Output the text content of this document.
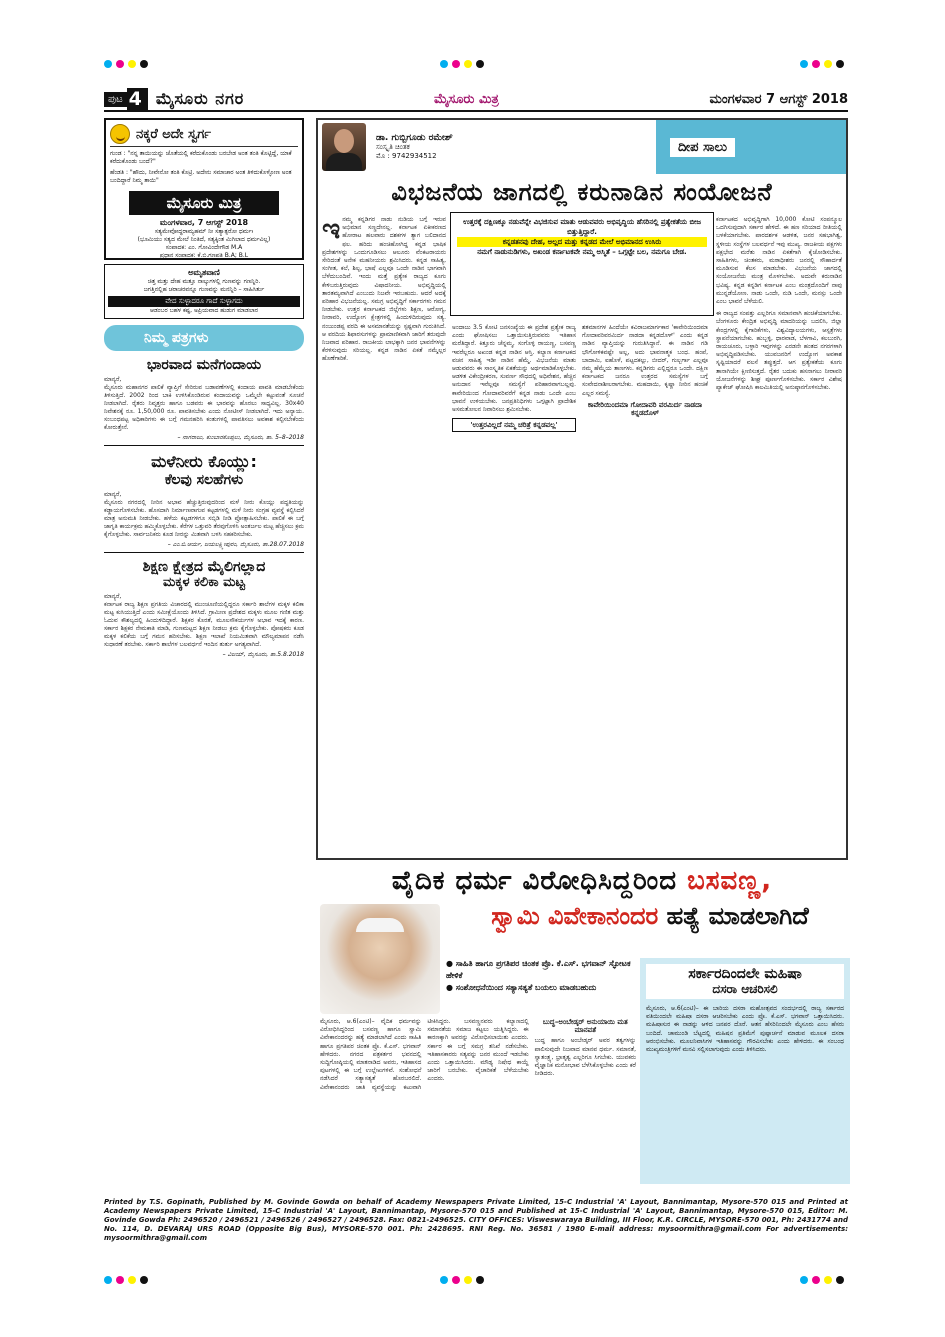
ಪುಟ 4 ಮೈಸೂರು ನಗರ	ಮೈಸೂರು ಮಿತ್ರ	ಮಂಗಳವಾರ 7 ಆಗಸ್ಟ್ 2018
ನಕ್ಕರೆ ಅದೇ ಸ್ವರ್ಗ
ಗುಂಡ : "ನನ್ನ ತಾಯಿಯನ್ನು ಜೊತೆಯಲ್ಲಿ ಕರೆದುಕೊಂಡು ಬರಬೇಡ ಅಂತ ತಂತಿ ಕೊಟ್ಟಿದ್ದೆ, ಯಾಕೆ ಕರೆದುಕೊಂಡು ಬಂದೆ?"
ಹೆಂಡತಿ : "ಹೌದು, ನೀವೇನೋ ತಂತಿ ಕೊಟ್ರಿ. ಅದೇನು ಸಮಾಚಾರ ಅಂತ ತಿಳಿದುಕೊಳ್ಳೋಣ ಅಂತ ಬಂದಿದ್ದಾರೆ ನಿಮ್ಮ ತಾಯಿ"
ಮೈಸೂರು ಮಿತ್ರ
ಮಂಗಳವಾರ, 7 ಆಗಸ್ಟ್ 2018
ಸತ್ಯಮೇವೋದ್ಧರಾಮ್ಯಹಮ್ ನೀ ಸತ್ಯಾತ್ಪರೋ ಧರ್ಮಃ
(ಭೂಮಿಯು ಸತ್ಯದ ಮೇಲೆ ನಿಂತಿದೆ, ಸತ್ಯಕ್ಕಿಂತ ಮಿಗಿಲಾದ ಧರ್ಮವಿಲ್ಲ)
ಸಂಪಾದಕ: ಎಂ. ಗೋವಿಂದೇಗೌಡ M.A
ಪ್ರಧಾನ ಸಂಪಾದಕ: ಕೆ.ಬಿ.ಗಣಪತಿ B.A; B.L
ಅಮೃತವಾಣಿ
ಚಿತ್ತ ಮತ್ತು ದೇಹ ಮತ್ತೂ ನಾಲ್ಕುಗಳಲ್ಲಿ ಗುಣವನ್ನು ಗಣನ್ನಿರಿ.
ಜಗತ್ತಿನಲ್ಲಿಹ ಚರಾಚರವನ್ನೂ ಗುಣವನ್ನು ಮನನ್ನಿರಿ – ಸಾಹಿಸಿರ್ತು
ವೇದ ಸುಳ್ಳಾದರೂ ಗಾದೆ ಸುಳ್ಳಾಗದು
ಆಡಂಬರ ಬಹಳ ಕಷ್ಟ, ಅಪ್ರಿಯವಾದ ಹುಡುಗ ಮಾಡಲಾರ
ನಿಮ್ಮ ಪತ್ರಗಳು
ಭಾರವಾದ ಮನೆಗಂದಾಯ
ಮಾನ್ಯರೆ,
ಮೈಸೂರು ಮಹಾನಗರ ಪಾಲಿಕೆ ವ್ಯಾಪ್ತಿಗೆ ಸೇರಿರುವ ಬಡಾವಣೆಗಳಲ್ಲಿ ಕಂದಾಯ ಪಾವತಿ ಮಾಡಬೇಕೆಂದು ತಿಳಿಸುತ್ತಿದೆ. 2002 ರಿಂದ ಬಾಕಿ ಉಳಿಸಿಕೊಂಡಿರುವ ಕಂದಾಯವನ್ನು ಒಮ್ಮೆಲೇ ಕಟ್ಟುವಂತೆ ಸೂಚನೆ ನೀಡಲಾಗಿದೆ. ರೈತರು ನಿವೃತ್ತರು ಹಾಗೂ ಬಡವರು ಈ ಭಾರವನ್ನು ಹೊರಲು ಸಾಧ್ಯವಿಲ್ಲ. 30x40 ನಿವೇಶನಕ್ಕೆ ರೂ. 1,50,000 ರೂ. ಪಾವತಿಸಬೇಕು ಎಂದು ನೋಟೀಸ್ ನೀಡಲಾಗಿದೆ. ಇದು ಅನ್ಯಾಯ. ಸಂಬಂಧಪಟ್ಟ ಅಧಿಕಾರಿಗಳು ಈ ಬಗ್ಗೆ ಗಮನಹರಿಸಿ ಕಂತುಗಳಲ್ಲಿ ಪಾವತಿಸಲು ಅವಕಾಶ ಕಲ್ಪಿಸಬೇಕೆಂದು ಕೋರುತ್ತೇನೆ.
– ನಾಗರಾಜು, ಕುಂಬಾರಕೊಪ್ಪಲು, ಮೈಸೂರು, ತಾ. 5–8–2018
ಮಳೆನೀರು ಕೊಯ್ಲು:
ಕೆಲವು ಸಲಹೆಗಳು
ಮಾನ್ಯರೆ,
ಮೈಸೂರು ನಗರದಲ್ಲಿ ನೀರಿನ ಅಭಾವ ಹೆಚ್ಚುತ್ತಿರುವುದರಿಂದ ಮಳೆ ನೀರು ಕೊಯ್ಲು ಪದ್ಧತಿಯನ್ನು ಕಡ್ಡಾಯಗೊಳಿಸಬೇಕು. ಹೊಸದಾಗಿ ನಿರ್ಮಾಣವಾಗುವ ಕಟ್ಟಡಗಳಲ್ಲಿ ಮಳೆ ನೀರು ಸಂಗ್ರಹ ವ್ಯವಸ್ಥೆ ಕಲ್ಪಿಸಿದರೆ ಮಾತ್ರ ಅನುಮತಿ ನೀಡಬೇಕು. ಹಳೆಯ ಕಟ್ಟಡಗಳಿಗೂ ಸಬ್ಸಿಡಿ ನೀಡಿ ಪ್ರೋತ್ಸಾಹಿಸಬೇಕು. ಪಾಲಿಕೆ ಈ ಬಗ್ಗೆ ಜಾಗೃತಿ ಕಾರ್ಯಕ್ರಮ ಹಮ್ಮಿಕೊಳ್ಳಬೇಕು. ಕೆರೆಗಳ ಒತ್ತುವರಿ ತೆರವುಗೊಳಿಸಿ ಅಂತರ್ಜಲ ಮಟ್ಟ ಹೆಚ್ಚಿಸಲು ಕ್ರಮ ಕೈಗೊಳ್ಳಬೇಕು. ಸಾರ್ವಜನಿಕರು ಕೂಡ ನೀರನ್ನು ಮಿತವಾಗಿ ಬಳಸಿ ಸಹಕರಿಸಬೇಕು.
– ಎಂ.ಬಿ.ಆರ್ಯ, ಜಯಲಕ್ಷ್ಮೀಪುರಂ, ಮೈಸೂರು, ತಾ.28.07.2018
ಶಿಕ್ಷಣ ಕ್ಷೇತ್ರದ ಮೈಲಿಗಲ್ಲಾದ
ಮಕ್ಕಳ ಕಲಿಕಾ ಮಟ್ಟ
ಮಾನ್ಯರೆ,
ಕರ್ನಾಟಕ ರಾಜ್ಯ ಶಿಕ್ಷಣ ಪ್ರಗತಿಯ ವಿಚಾರದಲ್ಲಿ ಮುಂಚೂಣಿಯಲ್ಲಿದ್ದರೂ ಸರ್ಕಾರಿ ಶಾಲೆಗಳ ಮಕ್ಕಳ ಕಲಿಕಾ ಮಟ್ಟ ಕುಸಿಯುತ್ತಿದೆ ಎಂದು ಸಮೀಕ್ಷೆಯೊಂದು ತಿಳಿಸಿದೆ. ಗ್ರಾಮೀಣ ಪ್ರದೇಶದ ಮಕ್ಕಳು ಮೂಲ ಗಣಿತ ಮತ್ತು ಓದುವ ಕೌಶಲ್ಯದಲ್ಲಿ ಹಿಂದುಳಿದಿದ್ದಾರೆ. ಶಿಕ್ಷಕರ ಕೊರತೆ, ಮೂಲಸೌಕರ್ಯಗಳ ಅಭಾವ ಇದಕ್ಕೆ ಕಾರಣ. ಸರ್ಕಾರ ಶಿಕ್ಷಕರ ನೇಮಕಾತಿ ಮಾಡಿ, ಗುಣಮಟ್ಟದ ಶಿಕ್ಷಣ ನೀಡಲು ಕ್ರಮ ಕೈಗೊಳ್ಳಬೇಕು. ಪೋಷಕರು ಕೂಡ ಮಕ್ಕಳ ಕಲಿಕೆಯ ಬಗ್ಗೆ ಗಮನ ಹರಿಸಬೇಕು. ಶಿಕ್ಷಣ ಇಲಾಖೆ ನಿಯಮಿತವಾಗಿ ಮೌಲ್ಯಮಾಪನ ನಡೆಸಿ ಸುಧಾರಣೆ ತರಬೇಕು. ಸರ್ಕಾರಿ ಶಾಲೆಗಳ ಬಲವರ್ಧನೆ ಇಂದಿನ ತುರ್ತು ಅಗತ್ಯವಾಗಿದೆ.
– ವಿಜಯ್, ಮೈಸೂರು, ತಾ.5.8.2018
ಡಾ. ಗುಬ್ಬಿಗೂಡು ರಮೇಶ್
ಸಂಸ್ಕೃತಿ ಚಿಂತಕ
ಮೊ : 9742934512
ದೀಪ ಸಾಲು
ವಿಭಜನೆಯ ಜಾಗದಲ್ಲಿ ಕರುನಾಡಿನ ಸಂಯೋಜನೆ
ಉತ್ತರಕ್ಕೆ ದಕ್ಷಿಣಕ್ಕೂ ನಡುವೆನ್ನೇ ವಿಭಜಿಸುವ ಮಾತು ಆಡುವವರು ಅಭಿವೃದ್ಧಿಯ ಹೆಸರಿನಲ್ಲಿ ಪ್ರತ್ಯೇಕತೆಯ ಬೀಜ ಬಿತ್ತುತ್ತಿದ್ದಾರೆ.
ಕನ್ನಡತನವು ದೇಹ, ಅಲ್ಲದ ಮತ್ತು ಕನ್ನಡದ ಮೇಲೆ ಅಭಿಮಾನದ ಉಸಿರು
ನಮಗೆ ನಾಡುನುಡಿಗಳು, ಅಖಂಡ ಕರ್ನಾಟಕವೇ ನಮ್ಮ ಅಸ್ಮಿತೆ – ಒಗ್ಗಟ್ಟೇ ಬಲ, ನಮಗೂ ಬೇಡ.
ಇನಮ್ಮ ಕನ್ನಡಿಗರ ನಾಡು ನುಡಿಯ ಬಗ್ಗೆ ಇರುವ ಅಭಿಮಾನ ಸಣ್ಣದೇನಲ್ಲ. ಕರ್ನಾಟಕ ಏಕೀಕರಣದ ಹೋರಾಟ ಹಲವಾರು ದಶಕಗಳ ತ್ಯಾಗ ಬಲಿದಾನದ ಫಲ. ಹರಿದು ಹಂಚಿಹೋಗಿದ್ದ ಕನ್ನಡ ಭಾಷಿಕ ಪ್ರದೇಶಗಳನ್ನು ಒಂದುಗೂಡಿಸಲು ಆಲೂರು ವೆಂಕಟರಾಯರು ಸೇರಿದಂತೆ ಅನೇಕ ಮಹನೀಯರು ಶ್ರಮಿಸಿದರು. ಕನ್ನಡ ಸಾಹಿತ್ಯ, ಸಂಗೀತ, ಕಲೆ, ಶಿಲ್ಪ, ಭಾಷೆ ಎಲ್ಲವೂ ಒಂದೇ ನಾಡಿನ ಭಾಗವಾಗಿ ಬೆಳೆದುಬಂದಿವೆ. ಇಂದು ಮತ್ತೆ ಪ್ರತ್ಯೇಕ ರಾಜ್ಯದ ಕೂಗು ಕೇಳಿಬರುತ್ತಿರುವುದು ವಿಷಾದನೀಯ. ಅಭಿವೃದ್ಧಿಯಲ್ಲಿ ತಾರತಮ್ಯವಾಗಿದೆ ಎಂಬುದು ನಿಜವೇ ಇರಬಹುದು. ಆದರೆ ಅದಕ್ಕೆ ಪರಿಹಾರ ವಿಭಜನೆಯಲ್ಲ. ಸಮಗ್ರ ಅಭಿವೃದ್ಧಿಗೆ ಸರ್ಕಾರಗಳು ಗಮನ ನೀಡಬೇಕು. ಉತ್ತರ ಕರ್ನಾಟಕದ ಜಿಲ್ಲೆಗಳು ಶಿಕ್ಷಣ, ಆರೋಗ್ಯ, ನೀರಾವರಿ, ಉದ್ಯೋಗ ಕ್ಷೇತ್ರಗಳಲ್ಲಿ ಹಿಂದುಳಿದಿರುವುದು ಸತ್ಯ. ನಂಜುಂಡಪ್ಪ ವರದಿ ಈ ಅಸಮಾನತೆಯನ್ನು ಸ್ಪಷ್ಟವಾಗಿ ಗುರುತಿಸಿದೆ. ಆ ವರದಿಯ ಶಿಫಾರಸುಗಳನ್ನು ಪ್ರಾಮಾಣಿಕವಾಗಿ ಜಾರಿಗೆ ತರುವುದೇ ನಿಜವಾದ ಪರಿಹಾರ. ರಾಜಕೀಯ ಲಾಭಕ್ಕಾಗಿ ಜನರ ಭಾವನೆಗಳನ್ನು ಕೆರಳಿಸುವುದು ಸರಿಯಲ್ಲ. ಕನ್ನಡ ನಾಡಿನ ಏಕತೆ ನಮ್ಮೆಲ್ಲರ ಹೊಣೆಗಾರಿಕೆ.
ಅಂದಾಜು 3.5 ಕೋಟಿ ಜನಸಂಖ್ಯೆಯ ಈ ಪ್ರದೇಶ ಪ್ರತ್ಯೇಕ ರಾಜ್ಯ ಎಂದು ಘೋಷಿಸಲು ಒತ್ತಾಯಿಸುತ್ತಿರುವವರು ಇತಿಹಾಸ ಮರೆತಿದ್ದಾರೆ. ಕಿತ್ತೂರು ಚೆನ್ನಮ್ಮ, ಸಂಗೊಳ್ಳಿ ರಾಯಣ್ಣ, ಬಸವಣ್ಣ ಇವರೆಲ್ಲರೂ ಅಖಂಡ ಕನ್ನಡ ನಾಡಿನ ಆಸ್ತಿ. ಕಲ್ಯಾಣ ಕರ್ನಾಟಕದ ವಚನ ಸಾಹಿತ್ಯ ಇಡೀ ನಾಡಿನ ಹೆಮ್ಮೆ. ವಿಭಜನೆಯ ಮಾತು ಆಡುವವರು ಈ ಸಾಂಸ್ಕೃತಿಕ ಏಕತೆಯನ್ನು ಅರ್ಥಮಾಡಿಕೊಳ್ಳಬೇಕು. ಆಡಳಿತ ವಿಕೇಂದ್ರೀಕರಣ, ಸುವರ್ಣ ಸೌಧದಲ್ಲಿ ಅಧಿವೇಶನ, ಹೆಚ್ಚಿನ ಅನುದಾನ ಇವೆಲ್ಲವೂ ಸಮಸ್ಯೆಗೆ ಪರಿಹಾರವಾಗಬಲ್ಲವು. ಕಾವೇರಿಯಿಂದ ಗೋದಾವರಿವರೆಗೆ ಕನ್ನಡ ನಾಡು ಒಂದೇ ಎಂಬ ಭಾವನೆ ಉಳಿಯಬೇಕು. ಜನಪ್ರತಿನಿಧಿಗಳು ಒಗ್ಗಟ್ಟಾಗಿ ಪ್ರಾದೇಶಿಕ ಅಸಮತೋಲನ ನಿವಾರಿಸಲು ಶ್ರಮಿಸಬೇಕು.
'ಉತ್ತರವಿಲ್ಲದೆ ನಮ್ಮ ಚರಿತ್ರೆ ಕನ್ನಡವಲ್ಲ'
ಶತಮಾನಗಳ ಹಿಂದೆಯೇ ಕವಿರಾಜಮಾರ್ಗಕಾರ 'ಕಾವೇರಿಯಿಂದಮಾ ಗೋದಾವರಿವರಮಿರ್ದ ನಾಡದಾ ಕನ್ನಡದೊಳ್' ಎಂದು ಕನ್ನಡ ನಾಡಿನ ವ್ಯಾಪ್ತಿಯನ್ನು ಗುರುತಿಸಿದ್ದಾನೆ. ಈ ನಾಡಿನ ಗಡಿ ಭೌಗೋಳಿಕವಷ್ಟೇ ಅಲ್ಲ, ಅದು ಭಾವನಾತ್ಮಕ ಬಂಧ. ಹಂಪೆ, ಬಾದಾಮಿ, ಐಹೊಳೆ, ಪಟ್ಟದಕಲ್ಲು, ಬೀದರ್, ಗುಲ್ಬರ್ಗಾ ಎಲ್ಲವೂ ನಮ್ಮ ಹೆಮ್ಮೆಯ ತಾಣಗಳು. ಕನ್ನಡಿಗರು ಎಲ್ಲಿದ್ದರೂ ಒಂದೇ. ದಕ್ಷಿಣ ಕರ್ನಾಟಕದ ಜನರೂ ಉತ್ತರದ ಸಮಸ್ಯೆಗಳ ಬಗ್ಗೆ ಸಂವೇದನಾಶೀಲರಾಗಬೇಕು. ಮಹದಾಯಿ, ಕೃಷ್ಣಾ ನೀರಿನ ಹಂಚಿಕೆ ಎಲ್ಲರ ಸಮಸ್ಯೆ.
ಕಾವೇರಿಯಿಂದಮಾ ಗೋದಾವರಿ ವರಮಿರ್ದ ನಾಡದಾ ಕನ್ನಡದೊಳ್
ಕರ್ನಾಟಕದ ಅಭಿವೃದ್ಧಿಗಾಗಿ 10,000 ಕೋಟಿ ಸಂಪನ್ಮೂಲ ಒದಗಿಸುವುದಾಗಿ ಸರ್ಕಾರ ಹೇಳಿದೆ. ಈ ಹಣ ಸರಿಯಾದ ರೀತಿಯಲ್ಲಿ ಬಳಕೆಯಾಗಬೇಕು. ಪಾರದರ್ಶಕ ಆಡಳಿತ, ಜನರ ಸಹಭಾಗಿತ್ವ, ಸ್ಥಳೀಯ ಸಂಸ್ಥೆಗಳ ಬಲವರ್ಧನೆ ಇವು ಮುಖ್ಯ. ರಾಜಕೀಯ ಪಕ್ಷಗಳು ಪಕ್ಷಭೇದ ಮರೆತು ನಾಡಿನ ಏಕತೆಗಾಗಿ ಕೈಜೋಡಿಸಬೇಕು. ಸಾಹಿತಿಗಳು, ಚಿಂತಕರು, ಮಠಾಧೀಶರು ಜನರಲ್ಲಿ ಸೌಹಾರ್ದತೆ ಮೂಡಿಸುವ ಕೆಲಸ ಮಾಡಬೇಕು. ವಿಭಜನೆಯ ಜಾಗದಲ್ಲಿ ಸಂಯೋಜನೆಯ ಮಂತ್ರ ಮೊಳಗಬೇಕು. ಅದುವೇ ಕರುನಾಡಿನ ಭವಿಷ್ಯ. ಕನ್ನಡ ಕನ್ನಡಿಗ ಕರ್ನಾಟಕ ಎಂಬ ಮಂತ್ರದೊಂದಿಗೆ ನಾವು ಮುನ್ನಡೆಯೋಣ. ನಾಡು ಒಂದೇ, ನುಡಿ ಒಂದೇ, ಮನಸ್ಸು ಒಂದೇ ಎಂಬ ಭಾವನೆ ಬೆಳೆಯಲಿ.
ಈ ರಾಜ್ಯದ ಸಂಪತ್ತು ಎಲ್ಲರಿಗೂ ಸಮಾನವಾಗಿ ಹಂಚಿಕೆಯಾಗಬೇಕು. ಬೆಂಗಳೂರು ಕೇಂದ್ರಿತ ಅಭಿವೃದ್ಧಿ ಮಾದರಿಯನ್ನು ಬದಲಿಸಿ, ಜಿಲ್ಲಾ ಕೇಂದ್ರಗಳಲ್ಲಿ ಕೈಗಾರಿಕೆಗಳು, ವಿಶ್ವವಿದ್ಯಾಲಯಗಳು, ಆಸ್ಪತ್ರೆಗಳು ಸ್ಥಾಪನೆಯಾಗಬೇಕು. ಹುಬ್ಬಳ್ಳಿ, ಧಾರವಾಡ, ಬೆಳಗಾವಿ, ಕಲಬುರಗಿ, ರಾಯಚೂರು, ಬಳ್ಳಾರಿ ಇವುಗಳನ್ನು ಎರಡನೇ ಹಂತದ ನಗರಗಳಾಗಿ ಅಭಿವೃದ್ಧಿಪಡಿಸಬೇಕು. ಯುವಜನರಿಗೆ ಉದ್ಯೋಗ ಅವಕಾಶ ಸೃಷ್ಟಿಯಾದರೆ ವಲಸೆ ತಪ್ಪುತ್ತದೆ. ಆಗ ಪ್ರತ್ಯೇಕತೆಯ ಕೂಗು ತಾನಾಗಿಯೇ ಕ್ಷೀಣಿಸುತ್ತದೆ. ರೈತರ ಬದುಕು ಹಸನಾಗಲು ನೀರಾವರಿ ಯೋಜನೆಗಳನ್ನು ಶೀಘ್ರ ಪೂರ್ಣಗೊಳಿಸಬೇಕು. ಸರ್ಕಾರ ವಿಶೇಷ ಪ್ಯಾಕೇಜ್ ಘೋಷಿಸಿ ಕಾಲಮಿತಿಯಲ್ಲಿ ಅನುಷ್ಠಾನಗೊಳಿಸಬೇಕು.
ವೈದಿಕ ಧರ್ಮ ವಿರೋಧಿಸಿದ್ದರಿಂದ ಬಸವಣ್ಣ,
ಸ್ವಾಮಿ ವಿವೇಕಾನಂದರ ಹತ್ಯೆ ಮಾಡಲಾಗಿದೆ
● ಸಾಹಿತಿ ಹಾಗೂ ಪ್ರಗತಿಪರ ಚಿಂತಕ ಪ್ರೊ. ಕೆ.ಎಸ್. ಭಗವಾನ್ ಸ್ಫೋಟಕ ಹೇಳಿಕೆ
● ಸಂಶೋಧನೆಯಿಂದ ಸತ್ಯಾಸತ್ಯತೆ ಬಯಲು ಮಾಡಬಹುದು
ಮೈಸೂರು, ಆ.6(ಎಂಟಿ)– ವೈದಿಕ ಧರ್ಮವನ್ನು ವಿರೋಧಿಸಿದ್ದರಿಂದ ಬಸವಣ್ಣ ಹಾಗೂ ಸ್ವಾಮಿ ವಿವೇಕಾನಂದರನ್ನು ಹತ್ಯೆ ಮಾಡಲಾಗಿದೆ ಎಂದು ಸಾಹಿತಿ ಹಾಗೂ ಪ್ರಗತಿಪರ ಚಿಂತಕ ಪ್ರೊ. ಕೆ.ಎಸ್. ಭಗವಾನ್ ಹೇಳಿದರು. ನಗರದ ಪತ್ರಕರ್ತರ ಭವನದಲ್ಲಿ ಸುದ್ದಿಗೋಷ್ಠಿಯಲ್ಲಿ ಮಾತನಾಡಿದ ಅವರು, ಇತಿಹಾಸದ ಪುಟಗಳಲ್ಲಿ ಈ ಬಗ್ಗೆ ಉಲ್ಲೇಖಗಳಿವೆ. ಸಂಶೋಧನೆ ನಡೆಸಿದರೆ ಸತ್ಯಾಸತ್ಯತೆ ಹೊರಬರಲಿದೆ. ವಿವೇಕಾನಂದರು ಜಾತಿ ವ್ಯವಸ್ಥೆಯನ್ನು ಕಟುವಾಗಿ ಟೀಕಿಸಿದ್ದರು. ಬಸವಣ್ಣನವರು ಕಲ್ಯಾಣದಲ್ಲಿ ಸಮಾನತೆಯ ಸಮಾಜ ಕಟ್ಟಲು ಯತ್ನಿಸಿದ್ದರು. ಈ ಕಾರಣಕ್ಕಾಗಿ ಅವರನ್ನು ವಿರೋಧಿಸಲಾಯಿತು ಎಂದರು. ಸರ್ಕಾರ ಈ ಬಗ್ಗೆ ಸಮಗ್ರ ತನಿಖೆ ನಡೆಸಬೇಕು. ಇತಿಹಾಸಕಾರರು ಸತ್ಯವನ್ನು ಜನರ ಮುಂದೆ ಇಡಬೇಕು ಎಂದು ಒತ್ತಾಯಿಸಿದರು. ಮೌಢ್ಯ ನಿಷೇಧ ಕಾಯ್ದೆ ಜಾರಿಗೆ ಬರಬೇಕು. ವೈಚಾರಿಕತೆ ಬೆಳೆಯಬೇಕು ಎಂದರು.
ಬುದ್ಧ–ಅಂಬೇಡ್ಕರ್ ಅನುಯಾಯಿ ಮತ ಮಾನವತೆ
ಬುದ್ಧ ಹಾಗೂ ಅಂಬೇಡ್ಕರ್ ಅವರ ತತ್ವಗಳನ್ನು ಪಾಲಿಸುವುದೇ ನಿಜವಾದ ಮಾನವ ಧರ್ಮ. ಸಮಾನತೆ, ಸ್ವಾತಂತ್ರ್ಯ, ಭ್ರಾತೃತ್ವ ಎಲ್ಲರಿಗೂ ಸಿಗಬೇಕು. ಯುವಕರು ವೈಜ್ಞಾನಿಕ ಮನೋಭಾವ ಬೆಳೆಸಿಕೊಳ್ಳಬೇಕು ಎಂದು ಕರೆ ನೀಡಿದರು.
ಸರ್ಕಾರದಿಂದಲೇ ಮಹಿಷಾ
ದಸರಾ ಆಚರಿಸಲಿ
ಮೈಸೂರು, ಆ.6(ಎಂಟಿ)– ಈ ಬಾರಿಯ ದಸರಾ ಮಹೋತ್ಸವದ ಸಂದರ್ಭದಲ್ಲಿ ರಾಜ್ಯ ಸರ್ಕಾರದ ವತಿಯಿಂದಲೇ ಮಹಿಷಾ ದಸರಾ ಆಚರಿಸಬೇಕು ಎಂದು ಪ್ರೊ. ಕೆ.ಎಸ್. ಭಗವಾನ್ ಒತ್ತಾಯಿಸಿದರು. ಮಹಿಷಾಸುರ ಈ ನಾಡನ್ನು ಆಳಿದ ಜನಪರ ದೊರೆ. ಆತನ ಹೆಸರಿನಿಂದಲೇ ಮೈಸೂರು ಎಂಬ ಹೆಸರು ಬಂದಿದೆ. ಚಾಮುಂಡಿ ಬೆಟ್ಟದಲ್ಲಿ ಮಹಿಷನ ಪ್ರತಿಮೆಗೆ ಪುಷ್ಪಾರ್ಚನೆ ಮಾಡುವ ಮೂಲಕ ದಸರಾ ಆರಂಭಿಸಬೇಕು. ಮೂಲನಿವಾಸಿಗಳ ಇತಿಹಾಸವನ್ನು ಗೌರವಿಸಬೇಕು ಎಂದು ಹೇಳಿದರು. ಈ ಸಂಬಂಧ ಮುಖ್ಯಮಂತ್ರಿಗಳಿಗೆ ಮನವಿ ಸಲ್ಲಿಸಲಾಗುವುದು ಎಂದು ತಿಳಿಸಿದರು.
Printed by T.S. Gopinath, Published by M. Govinde Gowda on behalf of Academy Newspapers Private Limited, 15-C Industrial 'A' Layout, Bannimantap, Mysore-570 015 and Printed at Academy Newspapers Private Limited, 15-C Industrial 'A' Layout, Bannimantap, Mysore-570 015 and Published at 15-C Industrial 'A' Layout, Bannimantap, Mysore-570 015, Editor: M. Govinde Gowda Ph: 2496520 / 2496521 / 2496526 / 2496527 / 2496528. Fax: 0821-2496525. CITY OFFICES: Visweswaraya Building, III Floor, K.R. CIRCLE, MYSORE-570 001, Ph: 2431774 and No. 114, D. DEVARAJ URS ROAD (Opposite Big Bus), MYSORE-570 001. Ph: 2428695. RNI Reg. No. 36581 / 1980 E-mail address: mysoormithra@gmail.com For advertisements: mysoormithra@gmail.com
